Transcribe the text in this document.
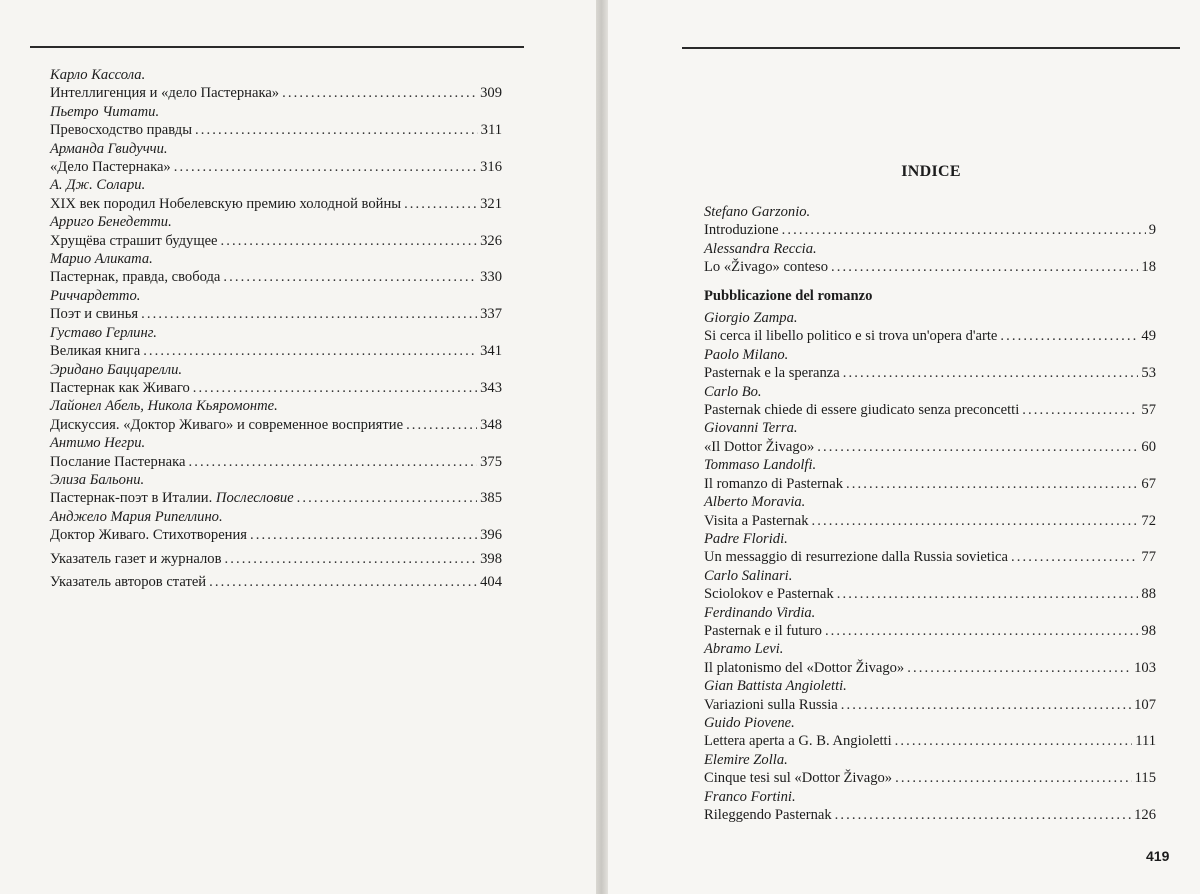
Карло Кассола.
Интеллигенция и «дело Пастернака» .....	309
Пьетро Читати.
Превосходство правды .....	311
Арманда Гвидуччи.
«Дело Пастернака» .....	316
А. Дж. Солари.
XIX век породил Нобелевскую премию холодной войны .....	321
Арриго Бенедетти.
Хрущёва страшит будущее .....	326
Марио Аликата.
Пастернак, правда, свобода .....	330
Риччардетто.
Поэт и свинья .....	337
Густаво Герлинг.
Великая книга .....	341
Эридано Баццарелли.
Пастернак как Живаго .....	343
Лайонел Абель, Никола Кьяромонте.
Дискуссия. «Доктор Живаго» и современное восприятие .....	348
Антимо Негри.
Послание Пастернака .....	375
Элиза Бальони.
Пастернак-поэт в Италии. Послесловие .....	385
Анджело Мария Рипеллино.
Доктор Живаго. Стихотворения .....	396
Указатель газет и журналов .....	398
Указатель авторов статей .....	404
INDICE
Stefano Garzonio.
Introduzione .....	9
Alessandra Reccia.
Lo «Živago» conteso .....	18
Pubblicazione del romanzo
Giorgio Zampa.
Si cerca il libello politico e si trova un'opera d'arte .....	49
Paolo Milano.
Pasternak e la speranza .....	53
Carlo Bo.
Pasternak chiede di essere giudicato senza preconcetti .....	57
Giovanni Terra.
«Il Dottor Živago» .....	60
Tommaso Landolfi.
Il romanzo di Pasternak .....	67
Alberto Moravia.
Visita a Pasternak .....	72
Padre Floridi.
Un messaggio di resurrezione dalla Russia sovietica .....	77
Carlo Salinari.
Sciolokov e Pasternak .....	88
Ferdinando Virdia.
Pasternak e il futuro .....	98
Abramo Levi.
Il platonismo del «Dottor Živago» .....	103
Gian Battista Angioletti.
Variazioni sulla Russia .....	107
Guido Piovene.
Lettera aperta a G. B. Angioletti .....	111
Elemire Zolla.
Cinque tesi sul «Dottor Živago» .....	115
Franco Fortini.
Rileggendo Pasternak .....	126
419
